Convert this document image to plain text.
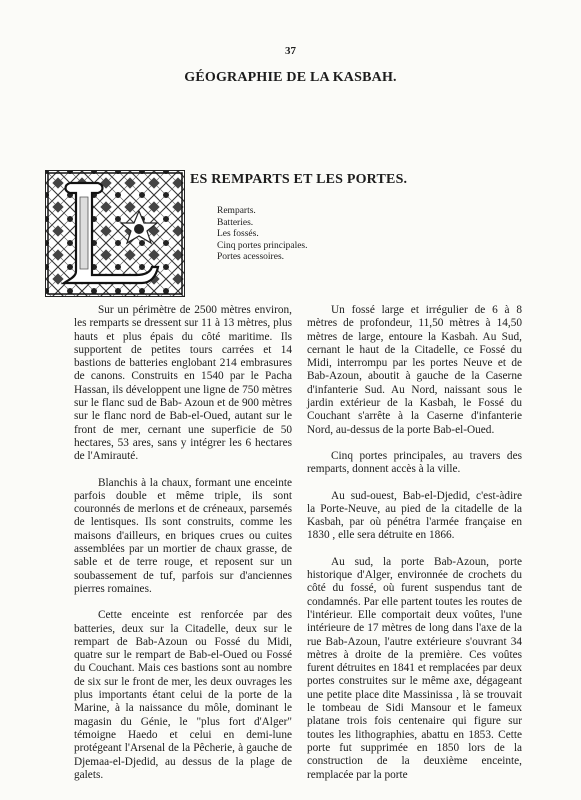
37
GÉOGRAPHIE DE LA KASBAH.
ES REMPARTS ET LES PORTES.
Remparts.
Batteries.
Les fossés.
Cinq portes principales.
Portes acessoires.

Sur un périmètre de 2500 mètres environ, les remparts se dressent sur 11 à 13 mètres, plus hauts et plus épais du côté maritime. Ils supportent de petites tours carrées et 14 bastions de batteries englobant 214 embrasures de canons. Construits en 1540 par le Pacha Hassan, ils développent une ligne de 750 mètres sur le flanc sud de Bab- Azoun et de 900 mètres sur le flanc nord de Bab-el-Oued, autant sur le front de mer, cernant une superficie de 50 hectares, 53 ares, sans y intégrer les 6 hectares de l'Amirauté.

Blanchis à la chaux, formant une enceinte parfois double et même triple, ils sont couronnés de merlons et de créneaux, parsemés de lentisques. Ils sont construits, comme les maisons d'ailleurs, en briques crues ou cuites assemblées par un mortier de chaux grasse, de sable et de terre rouge, et reposent sur un soubassement de tuf, parfois sur d'anciennes pierres romaines.

Cette enceinte est renforcée par des batteries, deux sur la Citadelle, deux sur le rempart de Bab-Azoun ou Fossé du Midi, quatre sur le rempart de Bab-el-Oued ou Fossé du Couchant. Mais ces bastions sont au nombre de six sur le front de mer, les deux ouvrages les plus importants étant celui de la porte de la Marine, à la naissance du môle, dominant le magasin du Génie, le "plus fort d'Alger" témoigne Haedo et celui en demi-lune protégeant l'Arsenal de la Pêcherie, à gauche de Djemaa-el-Djedid, au dessus de la plage de galets.

Un fossé large et irrégulier de 6 à 8 mètres de profondeur, 11,50 mètres à 14,50 mètres de large, entoure la Kasbah. Au Sud, cernant le haut de la Citadelle, ce Fossé du Midi, interrompu par les portes Neuve et de Bab-Azoun, aboutit à gauche de la Caserne d'infanterie Sud. Au Nord, naissant sous le jardin extérieur de la Kasbah, le Fossé du Couchant s'arrête à la Caserne d'infanterie Nord, au-dessus de la porte Bab-el-Oued.

Cinq portes principales, au travers des remparts, donnent accès à la ville.

Au sud-ouest, Bab-el-Djedid, c'est-àdire la Porte-Neuve, au pied de la citadelle de la Kasbah, par où pénétra l'armée française en 1830 , elle sera détruite en 1866.

Au sud, la porte Bab-Azoun, porte historique d'Alger, environnée de crochets du côté du fossé, où furent suspendus tant de condamnés. Par elle partent toutes les routes de l'intérieur. Elle comportait deux voûtes, l'une intérieure de 17 mètres de long dans l'axe de la rue Bab-Azoun, l'autre extérieure s'ouvrant 34 mètres à droite de la première. Ces voûtes furent détruites en 1841 et remplacées par deux portes construites sur le même axe, dégageant une petite place dite Massinissa , là se trouvait le tombeau de Sidi Mansour et le fameux platane trois fois centenaire qui figure sur toutes les lithographies, abattu en 1853. Cette porte fut supprimée en 1850 lors de la construction de la deuxième enceinte, remplacée par la porte
